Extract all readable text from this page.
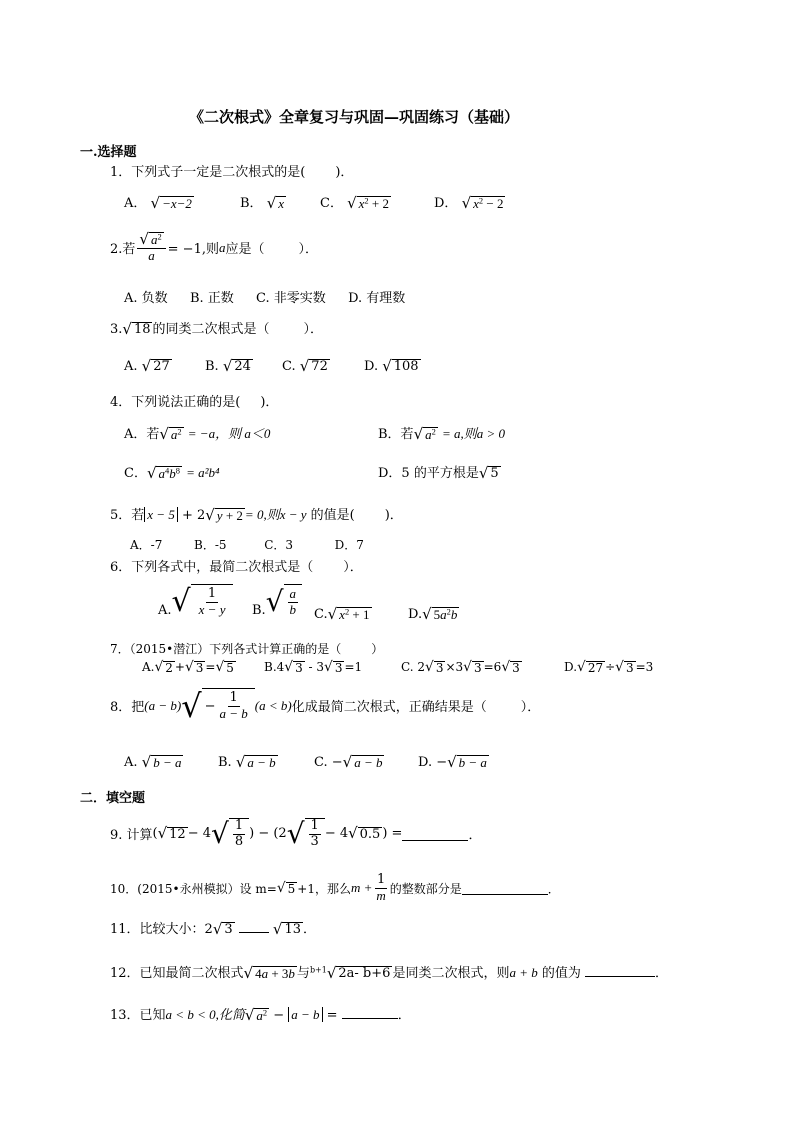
《二次根式》全章复习与巩固—巩固练习（基础）
一.选择题
1．下列式子一定是二次根式的是( )．
A． √ −x−2	B． √ x	C． √ $x^2 + 2$	D． √ $x^2 - 2$
2.若 $\frac{√ a^2}{a} = -1$,则 a 应是（	）．
A. 负数 B. 正数 C. 非零实数 D. 有理数
3. √ 18 的同类二次根式是（	）．
A. √ 27	B. √ 24 C. √ 72	D. √ 108
4．下列说法正确的是( )．
A．若 √ $a^2 = -a$，则 a＜0	B．若 √ $a^2 = a$,则a > 0
C． √ $a^4b^8 = a^2b^4$	D．5 的平方根是 √ 5
5．若 x − 5 + 2 √ y + 2 = 0,则x − y 的值是( )．
A．-7	B．-5	C．3	D．7
6．下列各式中，最简二次根式是（ ）．
A. √ $\frac{1}{x - y} B$. √ $\frac{a}{b} C$. √ $x^2 + 1$	D. √ $5a^2b$
7．（2015•潜江）下列各式计算正确的是（	）
A. √ 2 + √ 3 = √ 5	B.4 √ 3 - 3 √ 3 =1	C. 2 √ 3 ×3 √ 3 =6 √ 3	D. √ 27 ÷ √ 3 =3
8．把 (a − b) √ − $\frac{1}{a - b} (a < b)$ 化成最简二次根式，正确结果是（	）．
A. √ b − a	B. √ a − b	C. − √ a − b	D. − √ b − a
二．填空题
9. 计算 ( √ 12 − 4 √ $\frac{1}{8}$ ) − (2 √ $\frac{1}{3} - 4$ √ 0.5 ) =	．
10．(2015•永州模拟）设 m= √ 5 +1，那么 $m + \frac{1}{m}$ 的整数部分是	．
11．比较大小：2 √ 3
	√ 13 ．
12．已知最简二次根式 √ 4a + 3b 与$^{b+1}$ √ 2a- b+6 是同类二次根式，则a + b 的值为	．
13．已知a < b < 0,化简 √ $a^2 - a - b$ =	．
